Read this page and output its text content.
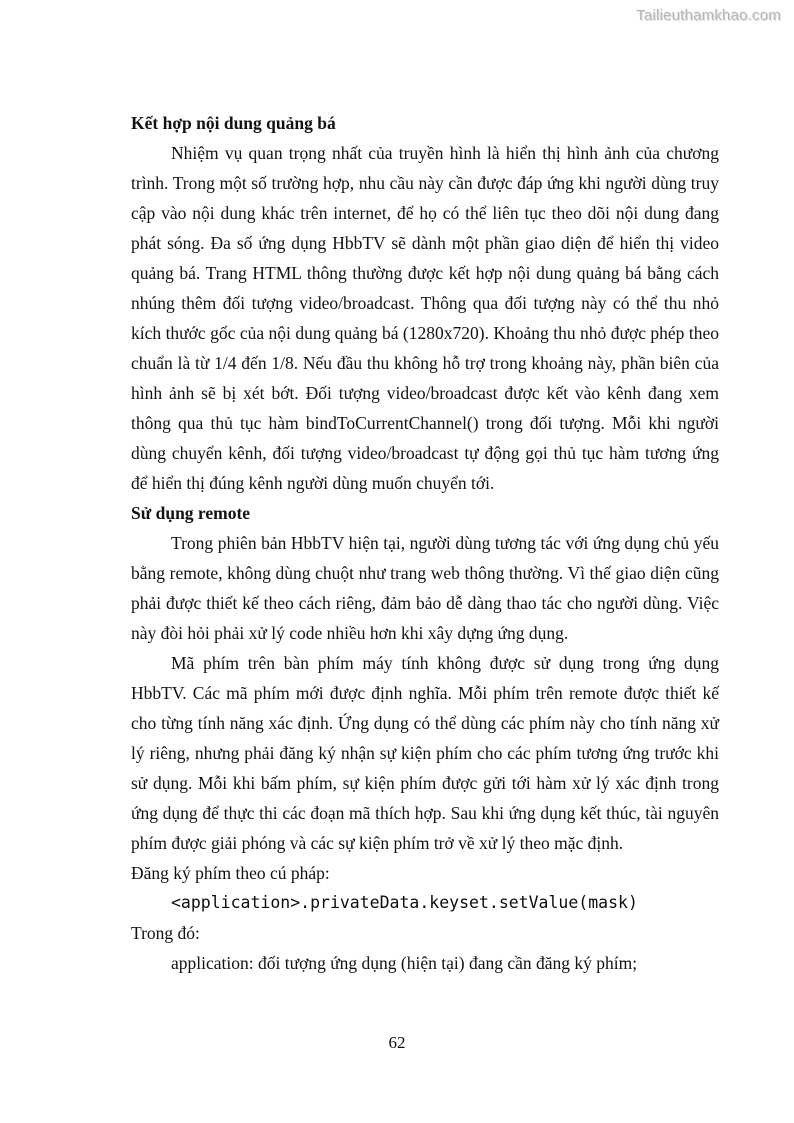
Tailieuthamkhao.com
Kết hợp nội dung quảng bá

Nhiệm vụ quan trọng nhất của truyền hình là hiển thị hình ảnh của chương trình. Trong một số trường hợp, nhu cầu này cần được đáp ứng khi người dùng truy cập vào nội dung khác trên internet, để họ có thể liên tục theo dõi nội dung đang phát sóng. Đa số ứng dụng HbbTV sẽ dành một phần giao diện để hiển thị video quảng bá. Trang HTML thông thường được kết hợp nội dung quảng bá bằng cách nhúng thêm đối tượng video/broadcast. Thông qua đối tượng này có thể thu nhỏ kích thước gốc của nội dung quảng bá (1280x720). Khoảng thu nhỏ được phép theo chuẩn là từ 1/4 đến 1/8. Nếu đầu thu không hỗ trợ trong khoảng này, phần biên của hình ảnh sẽ bị xét bớt. Đối tượng video/broadcast được kết vào kênh đang xem thông qua thủ tục hàm bindToCurrentChannel() trong đối tượng. Mỗi khi người dùng chuyển kênh, đối tượng video/broadcast tự động gọi thủ tục hàm tương ứng để hiển thị đúng kênh người dùng muốn chuyển tới.

Sử dụng remote

Trong phiên bản HbbTV hiện tại, người dùng tương tác với ứng dụng chủ yếu bằng remote, không dùng chuột như trang web thông thường. Vì thế giao diện cũng phải được thiết kế theo cách riêng, đảm bảo dễ dàng thao tác cho người dùng. Việc này đòi hỏi phải xử lý code nhiều hơn khi xây dựng ứng dụng.

Mã phím trên bàn phím máy tính không được sử dụng trong ứng dụng HbbTV. Các mã phím mới được định nghĩa. Mỗi phím trên remote được thiết kế cho từng tính năng xác định. Ứng dụng có thể dùng các phím này cho tính năng xử lý riêng, nhưng phải đăng ký nhận sự kiện phím cho các phím tương ứng trước khi sử dụng. Mỗi khi bấm phím, sự kiện phím được gửi tới hàm xử lý xác định trong ứng dụng để thực thi các đoạn mã thích hợp. Sau khi ứng dụng kết thúc, tài nguyên phím được giải phóng và các sự kiện phím trở về xử lý theo mặc định.

Đăng ký phím theo cú pháp:

<application>.privateData.keyset.setValue(mask)

Trong đó:

application: đối tượng ứng dụng (hiện tại) đang cần đăng ký phím;

62
